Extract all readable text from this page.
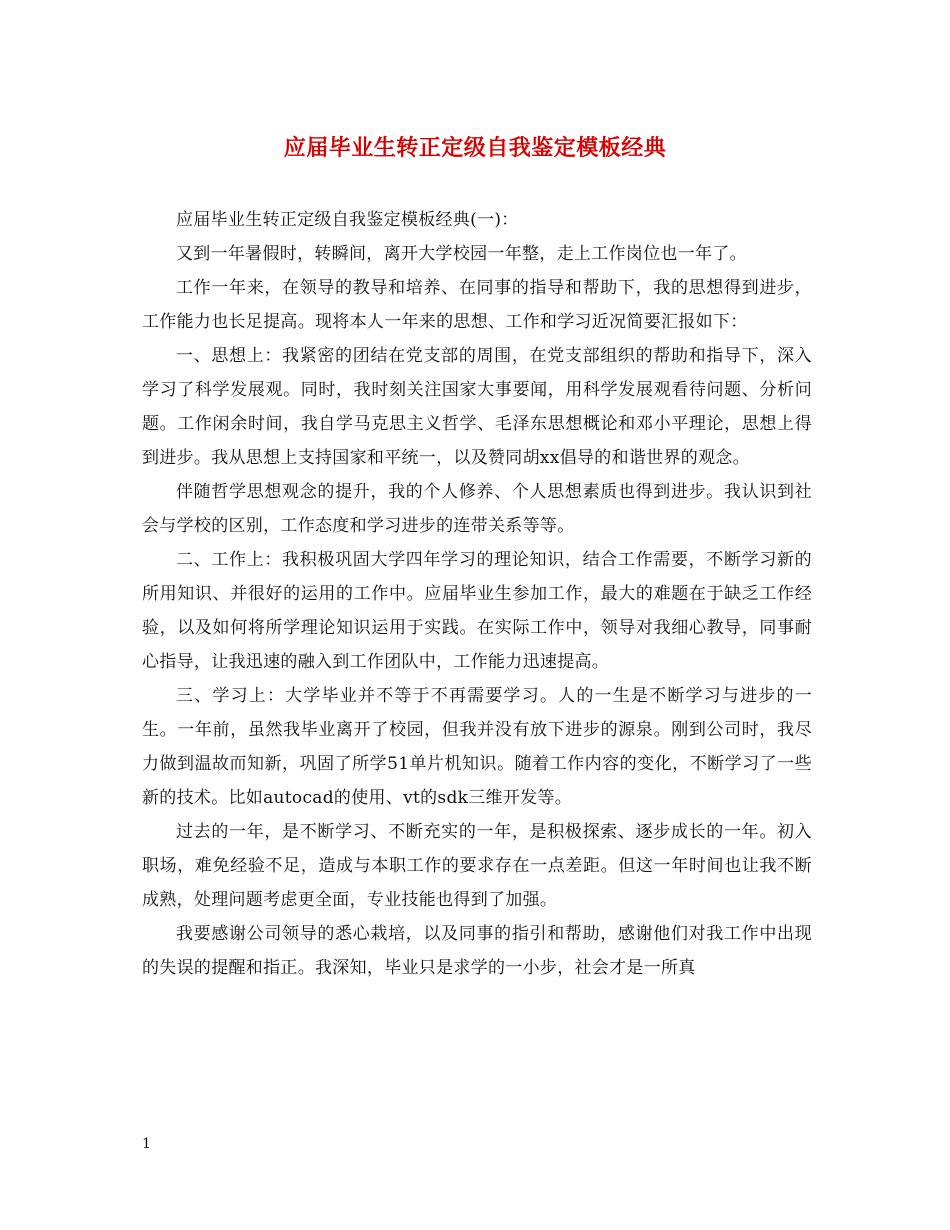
应届毕业生转正定级自我鉴定模板经典

应届毕业生转正定级自我鉴定模板经典(一)：

又到一年暑假时，转瞬间，离开大学校园一年整，走上工作岗位也一年了。

工作一年来，在领导的教导和培养、在同事的指导和帮助下，我的思想得到进步，工作能力也长足提高。现将本人一年来的思想、工作和学习近况简要汇报如下：

一、思想上：我紧密的团结在党支部的周围，在党支部组织的帮助和指导下，深入学习了科学发展观。同时，我时刻关注国家大事要闻，用科学发展观看待问题、分析问题。工作闲余时间，我自学马克思主义哲学、毛泽东思想概论和邓小平理论，思想上得到进步。我从思想上支持国家和平统一，以及赞同胡xx倡导的和谐世界的观念。

伴随哲学思想观念的提升，我的个人修养、个人思想素质也得到进步。我认识到社会与学校的区别，工作态度和学习进步的连带关系等等。

二、工作上：我积极巩固大学四年学习的理论知识，结合工作需要，不断学习新的所用知识、并很好的运用的工作中。应届毕业生参加工作，最大的难题在于缺乏工作经验，以及如何将所学理论知识运用于实践。在实际工作中，领导对我细心教导，同事耐心指导，让我迅速的融入到工作团队中，工作能力迅速提高。

三、学习上：大学毕业并不等于不再需要学习。人的一生是不断学习与进步的一生。一年前，虽然我毕业离开了校园，但我并没有放下进步的源泉。刚到公司时，我尽力做到温故而知新，巩固了所学51单片机知识。随着工作内容的变化，不断学习了一些新的技术。比如autocad的使用、vt的sdk三维开发等。

过去的一年，是不断学习、不断充实的一年，是积极探索、逐步成长的一年。初入职场，难免经验不足，造成与本职工作的要求存在一点差距。但这一年时间也让我不断成熟，处理问题考虑更全面，专业技能也得到了加强。

我要感谢公司领导的悉心栽培，以及同事的指引和帮助，感谢他们对我工作中出现的失误的提醒和指正。我深知，毕业只是求学的一小步，社会才是一所真

1
